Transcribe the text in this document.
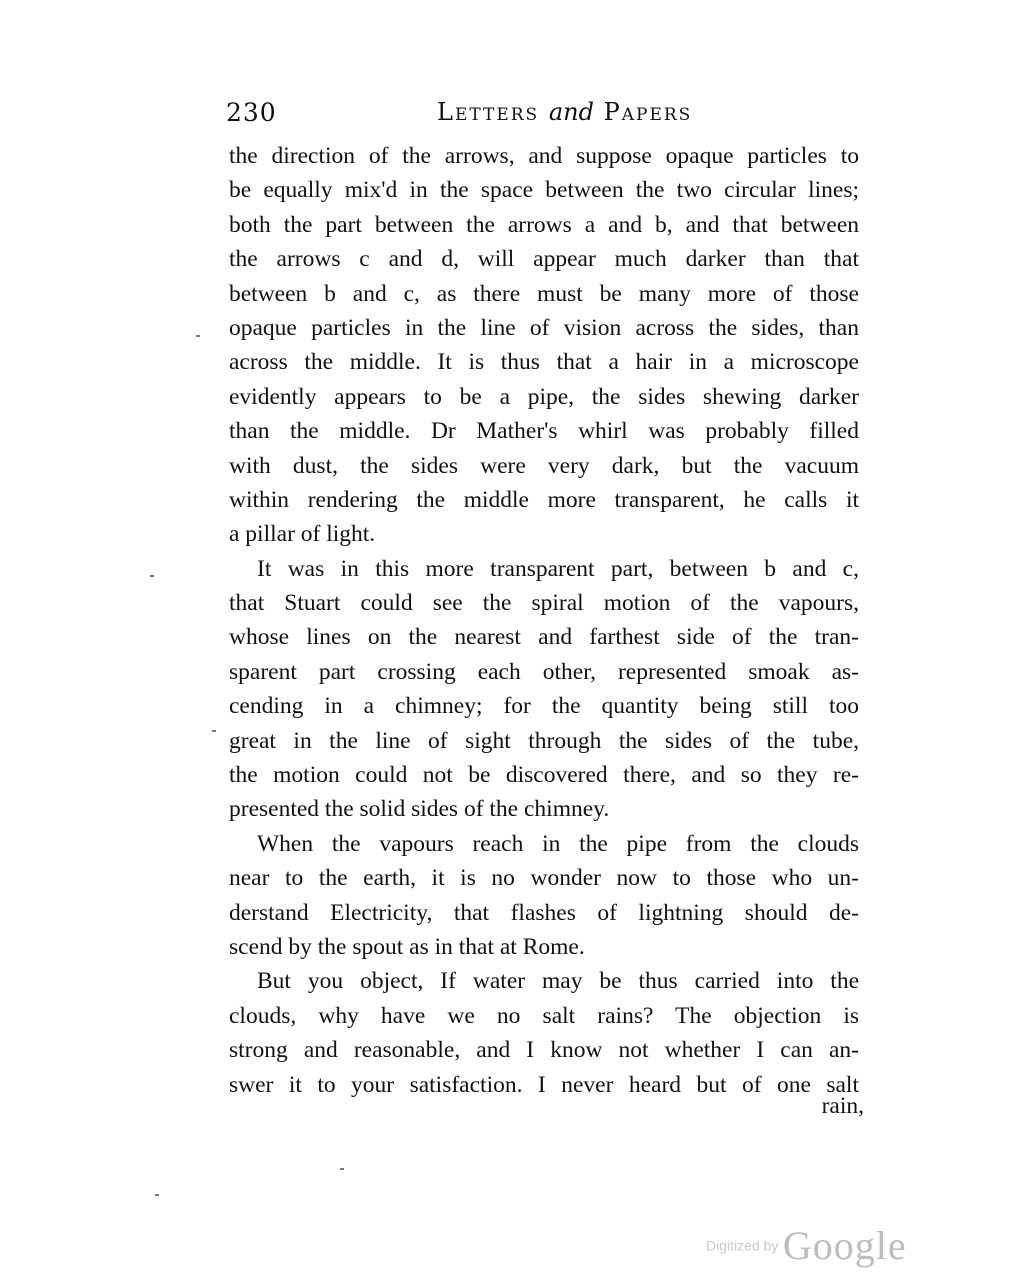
230	Letters and Papers
the direction of the arrows, and suppose opaque particles to
be equally mix'd in the space between the two circular lines;
both the part between the arrows a and b, and that between
the arrows c and d, will appear much darker than that
between b and c, as there must be many more of those
opaque particles in the line of vision across the sides, than
across the middle. It is thus that a hair in a microscope
evidently appears to be a pipe, the sides shewing darker
than the middle. Dr Mather's whirl was probably filled
with dust, the sides were very dark, but the vacuum
within rendering the middle more transparent, he calls it
a pillar of light.
It was in this more transparent part, between b and c,
that Stuart could see the spiral motion of the vapours,
whose lines on the nearest and farthest side of the tran-
sparent part crossing each other, represented smoak as-
cending in a chimney; for the quantity being still too
great in the line of sight through the sides of the tube,
the motion could not be discovered there, and so they re-
presented the solid sides of the chimney.
When the vapours reach in the pipe from the clouds
near to the earth, it is no wonder now to those who un-
derstand Electricity, that flashes of lightning should de-
scend by the spout as in that at Rome.
But you object, If water may be thus carried into the
clouds, why have we no salt rains? The objection is
strong and reasonable, and I know not whether I can an-
swer it to your satisfaction. I never heard but of one salt
rain,
Digitized by Google
